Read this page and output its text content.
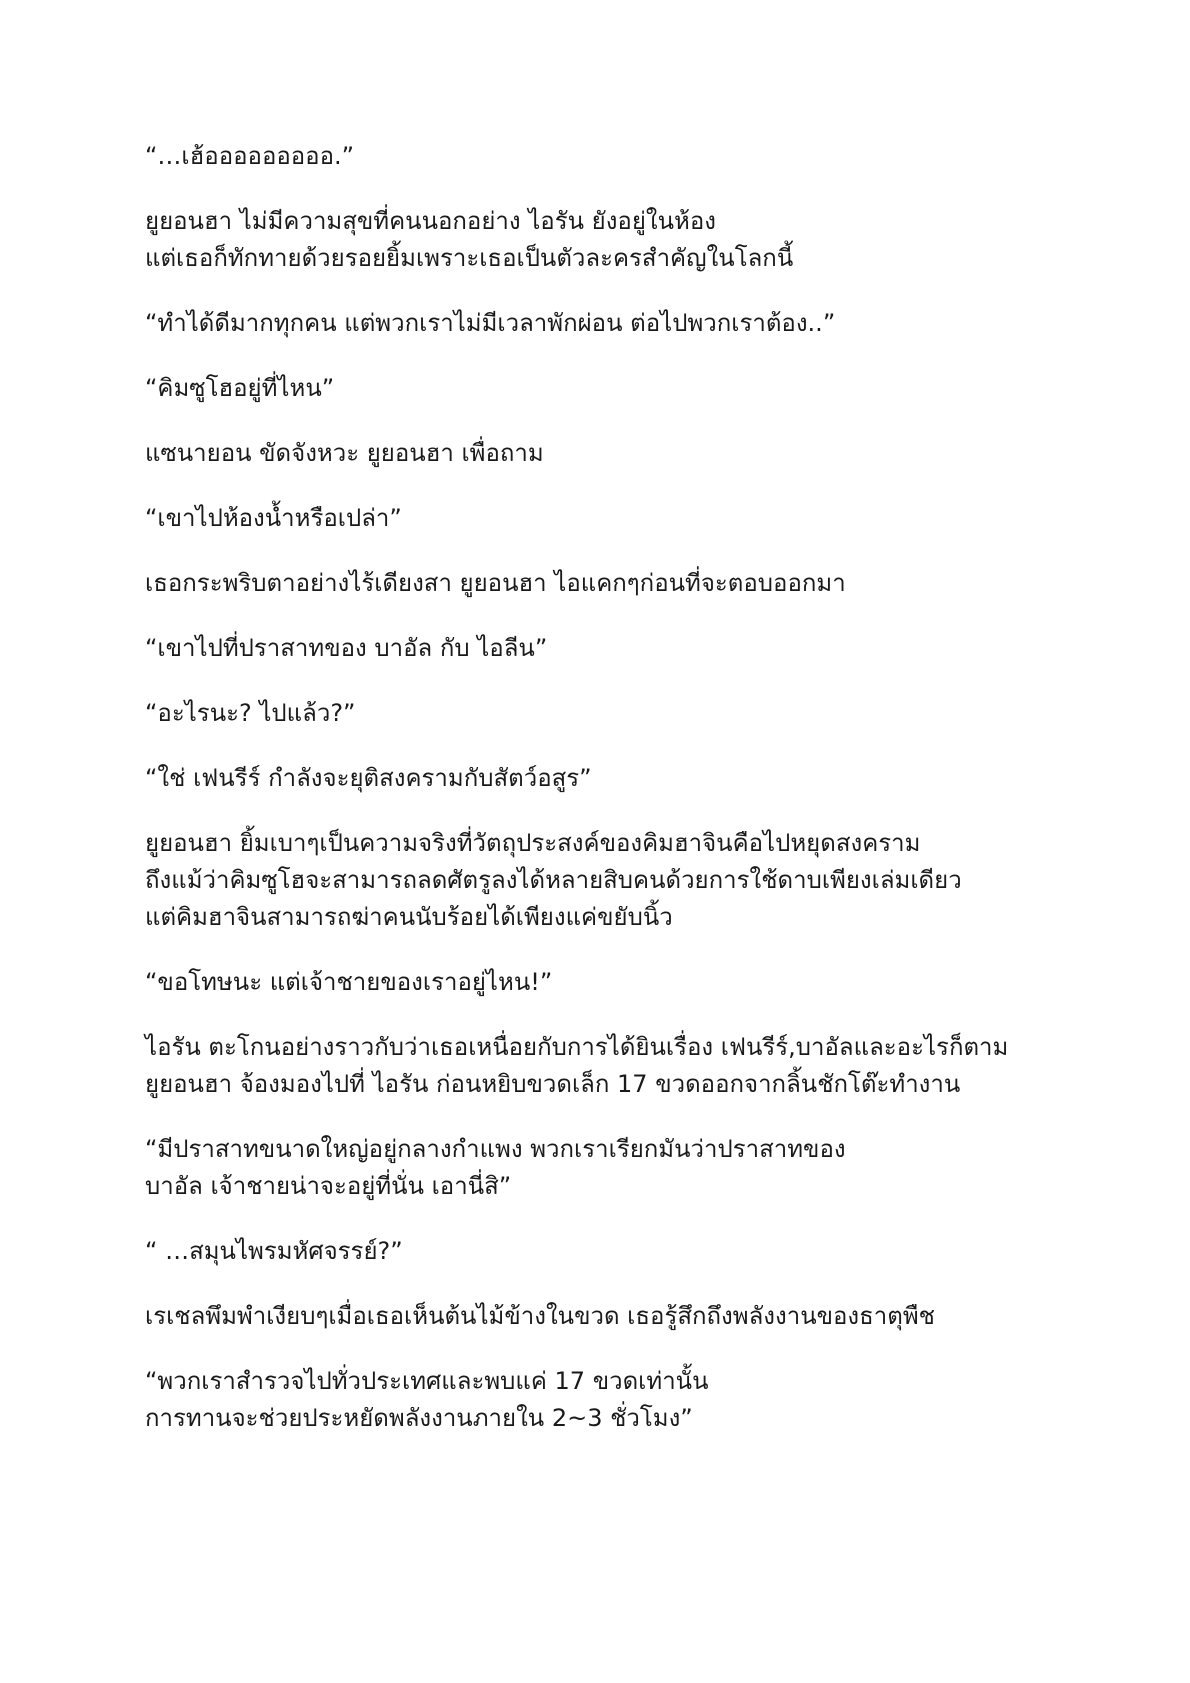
“…เฮ้อออออออออ.”

ยูยอนฮา ไม่มีความสุขที่คนนอกอย่าง ไอรัน ยังอยู่ในห้อง
แต่เธอก็ทักทายด้วยรอยยิ้มเพราะเธอเป็นตัวละครสำคัญในโลกนี้

“ทำได้ดีมากทุกคน แต่พวกเราไม่มีเวลาพักผ่อน ต่อไปพวกเราต้อง..”

“คิมซูโฮอยู่ที่ไหน”

แซนายอน ขัดจังหวะ ยูยอนฮา เพื่อถาม

“เขาไปห้องน้ำหรือเปล่า”

เธอกระพริบตาอย่างไร้เดียงสา ยูยอนฮา ไอแคกๆก่อนที่จะตอบออกมา

“เขาไปที่ปราสาทของ บาอัล กับ ไอลีน”

“อะไรนะ? ไปแล้ว?”

“ใช่ เฟนรีร์ กำลังจะยุติสงครามกับสัตว์อสูร”

ยูยอนฮา ยิ้มเบาๆเป็นความจริงที่วัตถุประสงค์ของคิมฮาจินคือไปหยุดสงคราม
ถึงแม้ว่าคิมซูโฮจะสามารถลดศัตรูลงได้หลายสิบคนด้วยการใช้ดาบเพียงเล่มเดียว
แต่คิมฮาจินสามารถฆ่าคนนับร้อยได้เพียงแค่ขยับนิ้ว

“ขอโทษนะ แต่เจ้าชายของเราอยู่ไหน!”

ไอรัน ตะโกนอย่างราวกับว่าเธอเหนื่อยกับการได้ยินเรื่อง เฟนรีร์,บาอัลและอะไรก็ตาม
ยูยอนฮา จ้องมองไปที่ ไอรัน ก่อนหยิบขวดเล็ก 17 ขวดออกจากลิ้นชักโต๊ะทำงาน

“มีปราสาทขนาดใหญ่อยู่กลางกำแพง พวกเราเรียกมันว่าปราสาทของ
บาอัล เจ้าชายน่าจะอยู่ที่นั่น เอานี่สิ”

“ …สมุนไพรมหัศจรรย์?”

เรเชลพึมพำเงียบๆเมื่อเธอเห็นต้นไม้ข้างในขวด เธอรู้สึกถึงพลังงานของธาตุพืช

“พวกเราสำรวจไปทั่วประเทศและพบแค่ 17 ขวดเท่านั้น
การทานจะช่วยประหยัดพลังงานภายใน 2~3 ชั่วโมง”
